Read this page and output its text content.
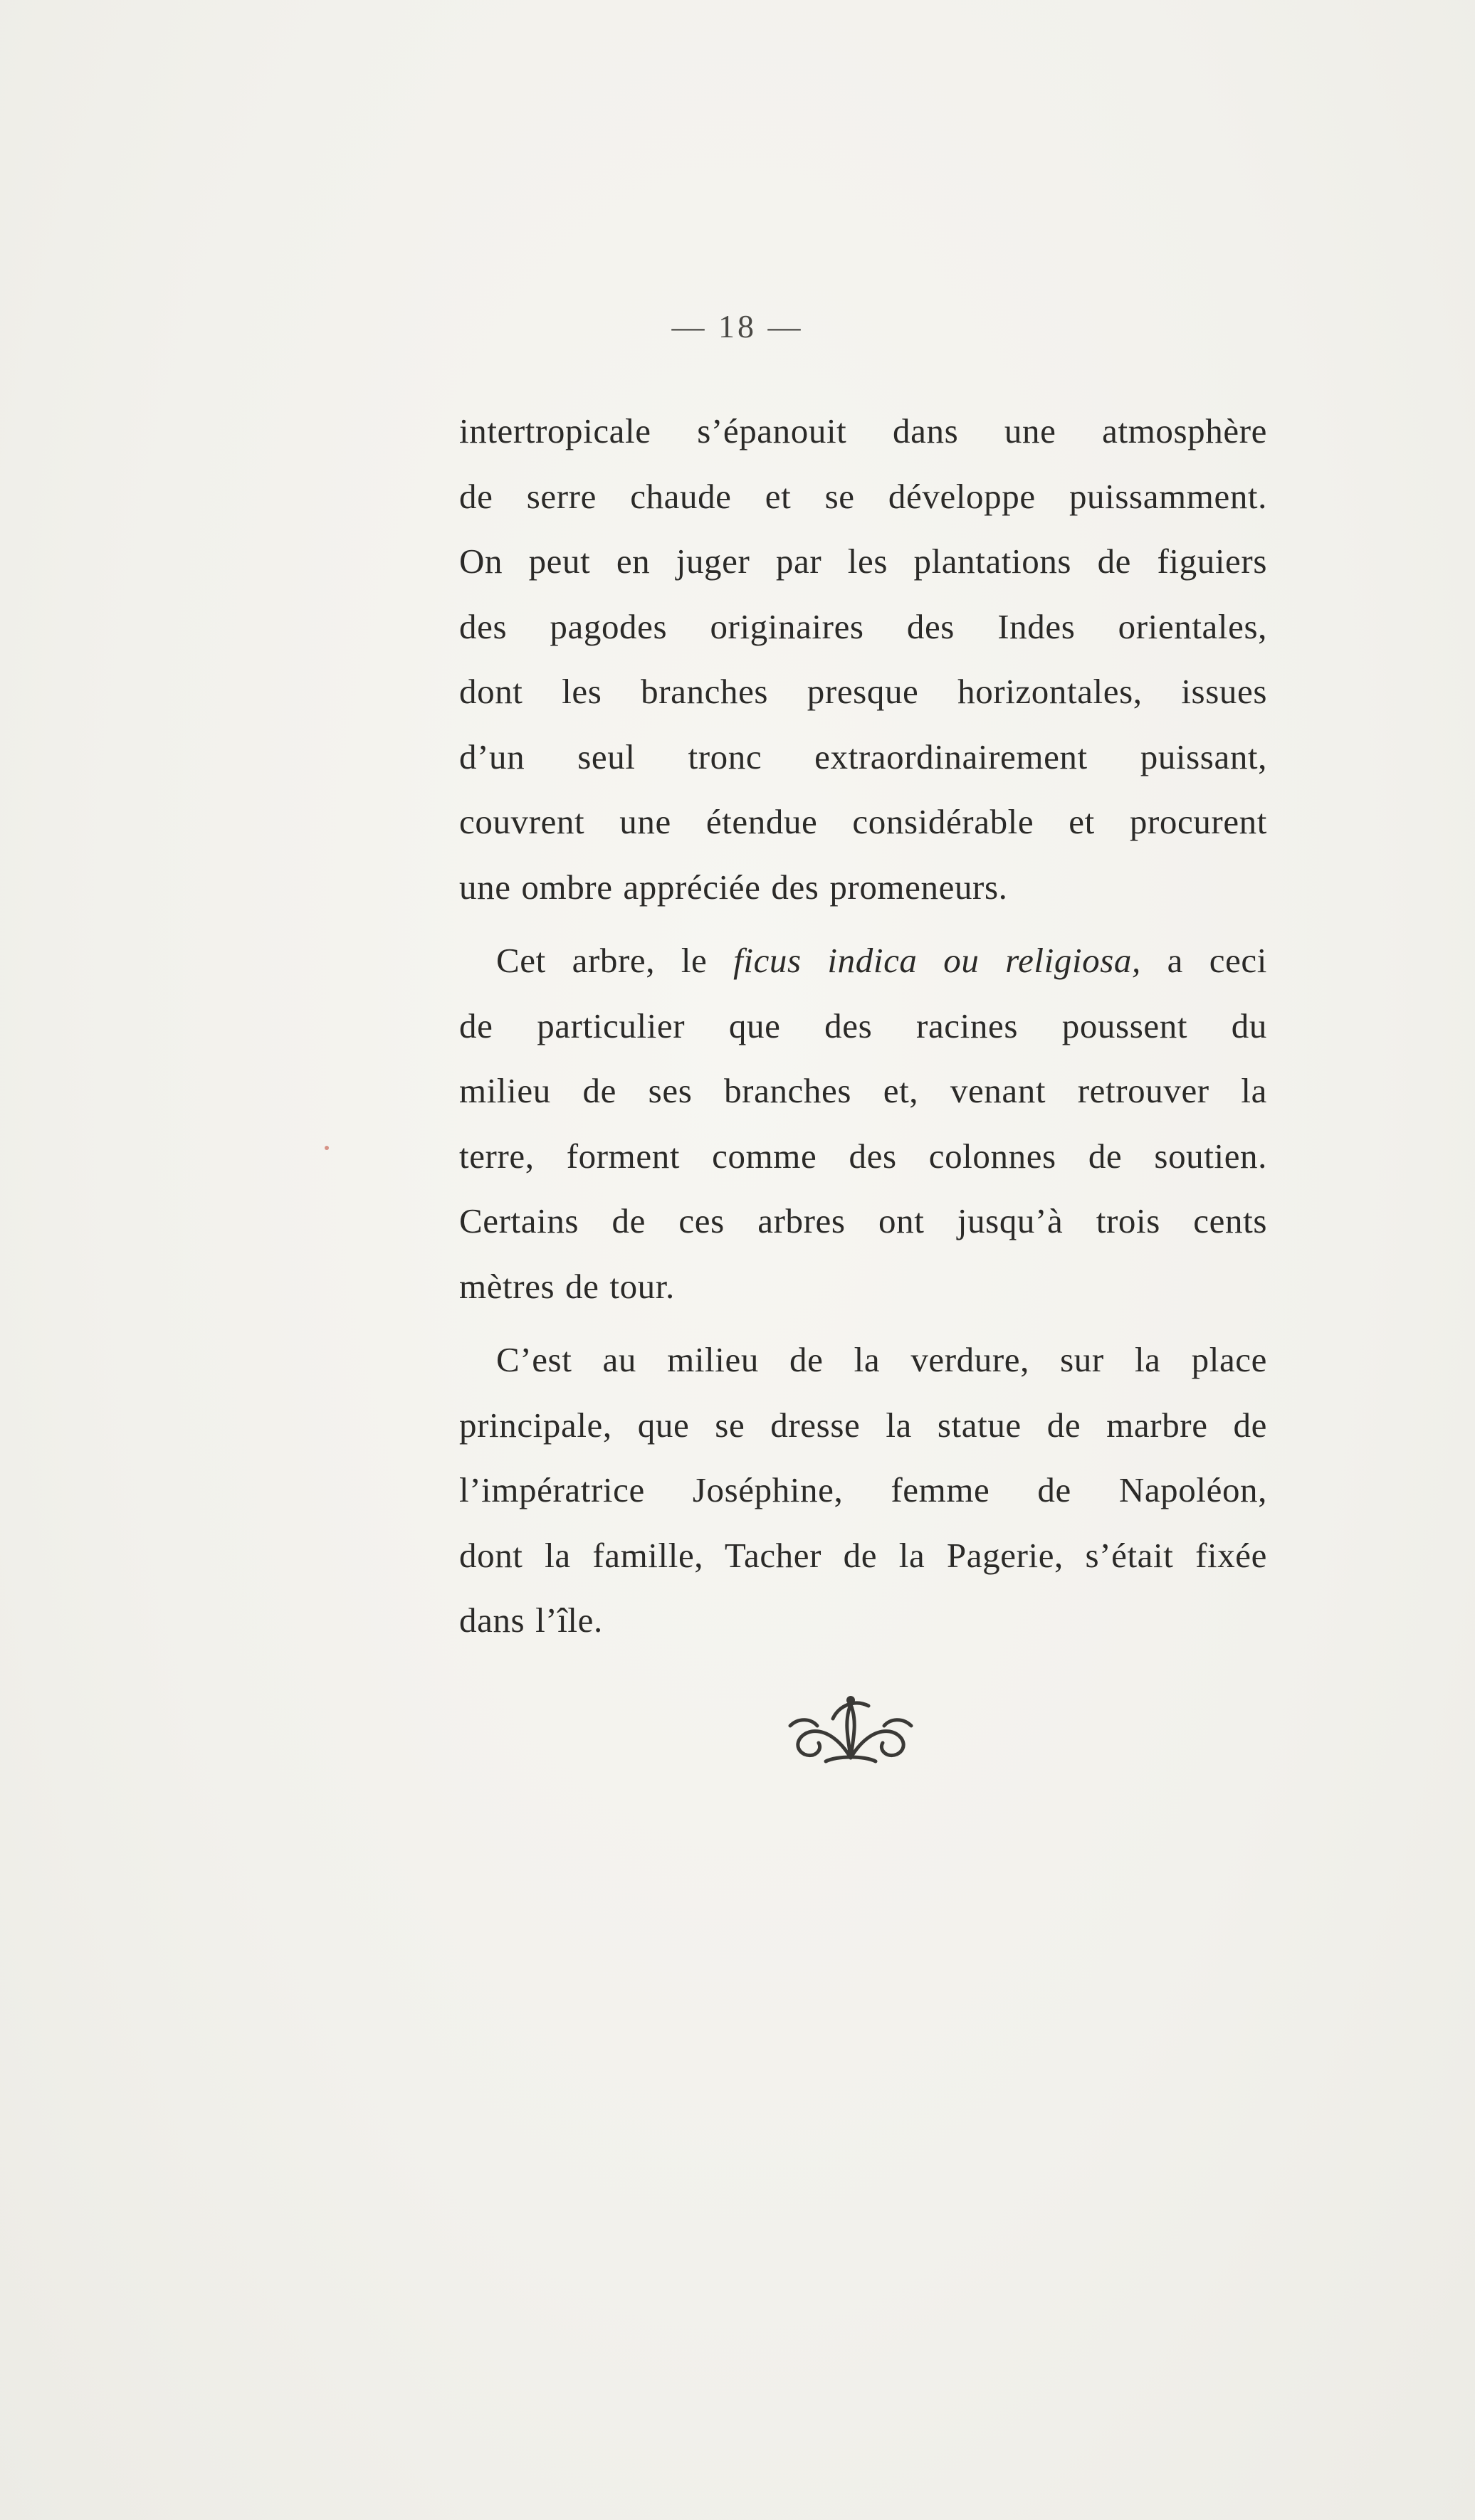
— 18 —

intertropicale s’épanouit dans une atmosphère
de serre chaude et se développe puissamment.
On peut en juger par les plantations de figuiers
des pagodes originaires des Indes orientales,
dont les branches presque horizontales, issues
d’un seul tronc extraordinairement puissant,
couvrent une étendue considérable et procurent
une ombre appréciée des promeneurs.

Cet arbre, le ficus indica ou religiosa, a ceci
de particulier que des racines poussent du
milieu de ses branches et, venant retrouver la
terre, forment comme des colonnes de soutien.
Certains de ces arbres ont jusqu’à trois cents
mètres de tour.

C’est au milieu de la verdure, sur la place
principale, que se dresse la statue de marbre de
l’impératrice Joséphine, femme de Napoléon,
dont la famille, Tacher de la Pagerie, s’était fixée
dans l’île.
